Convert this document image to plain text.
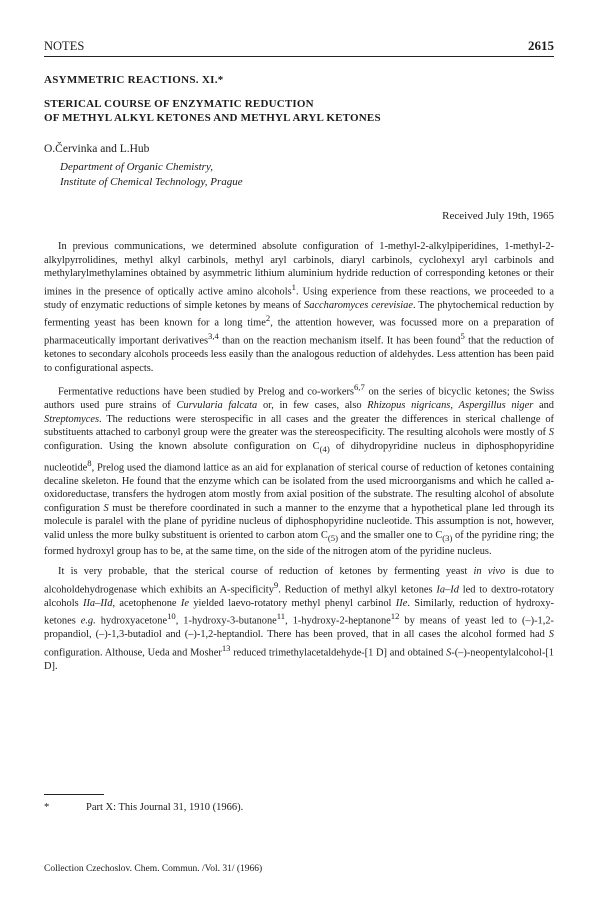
NOTES	2615
ASYMMETRIC REACTIONS. XI.*
STERICAL COURSE OF ENZYMATIC REDUCTION
OF METHYL ALKYL KETONES AND METHYL ARYL KETONES
O.Červinka and L.Hub
Department of Organic Chemistry,
Institute of Chemical Technology, Prague
Received July 19th, 1965

In previous communications, we determined absolute configuration of 1-methyl-2-alkylpiperidines, 1-methyl-2-alkylpyrrolidines, methyl alkyl carbinols, methyl aryl carbinols, diaryl carbinols, cyclohexyl aryl carbinols and methylarylmethylamines obtained by asymmetric lithium aluminium hydride reduction of corresponding ketones or their imines in the presence of optically active amino alcohols$^1$. Using experience from these reactions, we proceeded to a study of enzymatic reductions of simple ketones by means of Saccharomyces cerevisiae. The phytochemical reduction by fermenting yeast has been known for a long time$^2$, the attention however, was focussed more on a preparation of pharmaceutically important derivatives$^{3,4}$ than on the reaction mechanism itself. It has been found$^5$ that the reduction of ketones to secondary alcohols proceeds less easily than the analogous reduction of aldehydes. Less attention has been paid to configurational aspects.

Fermentative reductions have been studied by Prelog and co-workers$^{6,7}$ on the series of bicyclic ketones; the Swiss authors used pure strains of Curvularia falcata or, in few cases, also Rhizopus nigricans, Aspergillus niger and Streptomyces. The reductions were sterospecific in all cases and the greater the differences in sterical challenge of substituents attached to carbonyl group were the greater was the stereospecificity. The resulting alcohols were mostly of S configuration. Using the known absolute configuration on $C_{(4)}$ of dihydropyridine nucleus in diphosphopyridine nucleotide$^8$, Prelog used the diamond lattice as an aid for explanation of sterical course of reduction of ketones containing decaline skeleton. He found that the enzyme which can be isolated from the used microorganisms and which he called a-oxidoreductase, transfers the hydrogen atom mostly from axial position of the substrate. The resulting alcohol of absolute configuration S must be therefore coordinated in such a manner to the enzyme that a hypothetical plane led through its molecule is paralel with the plane of pyridine nucleus of diphosphopyridine nucleotide. This assumption is not, however, valid unless the more bulky substituent is oriented to carbon atom $C_{(5)}$ and the smaller one to $C_{(3)}$ of the pyridine ring; the formed hydroxyl group has to be, at the same time, on the side of the nitrogen atom of the pyridine nucleus.

It is very probable, that the sterical course of reduction of ketones by fermenting yeast in vivo is due to alcoholdehydrogenase which exhibits an A-specificity$^9$. Reduction of methyl alkyl ketones Ia–Id led to dextro-rotatory alcohols IIa–IId, acetophenone Ie yielded laevo-rotatory methyl phenyl carbinol IIe. Similarly, reduction of hydroxy-ketones e.g. hydroxyacetone$^{10}$, 1-hydroxy-3-butanone$^{11}$, 1-hydroxy-2-heptanone$^{12}$ by means of yeast led to (–)-1,2-propandiol, (–)-1,3-butadiol and (–)-1,2-heptandiol. There has been proved, that in all cases the alcohol formed had S configuration. Althouse, Ueda and Mosher$^{13}$ reduced trimethylacetaldehyde-[1 D] and obtained S-(–)-neopentylalcohol-[1 D].

*	Part X: This Journal 31, 1910 (1966).
Collection Czechoslov. Chem. Commun. /Vol. 31/ (1966)
